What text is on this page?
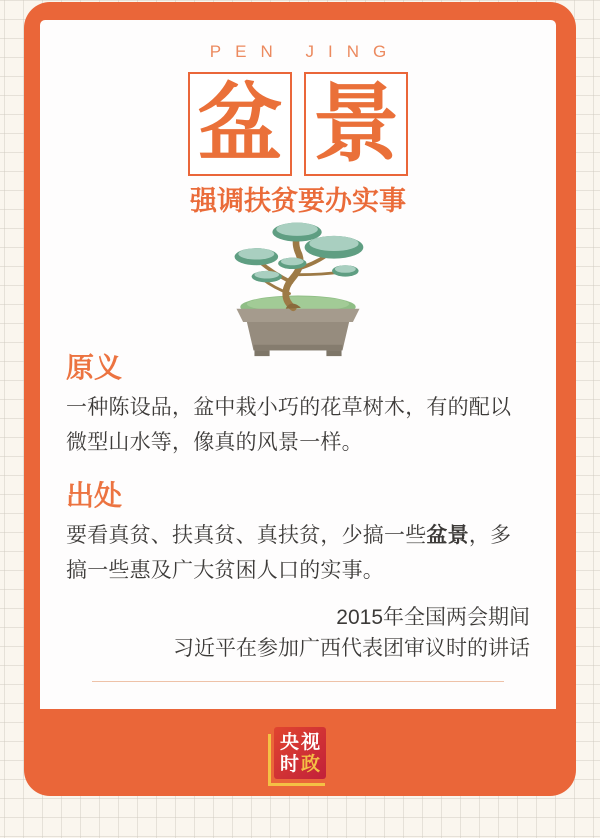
PEN JING
盆 景
强调扶贫要办实事
原义
一种陈设品，盆中栽小巧的花草树木，有的配以微型山水等，像真的风景一样。
出处
要看真贫、扶真贫、真扶贫，少搞一些盆景，多搞一些惠及广大贫困人口的实事。
2015年全国两会期间
习近平在参加广西代表团审议时的讲话
央 视
时 政
